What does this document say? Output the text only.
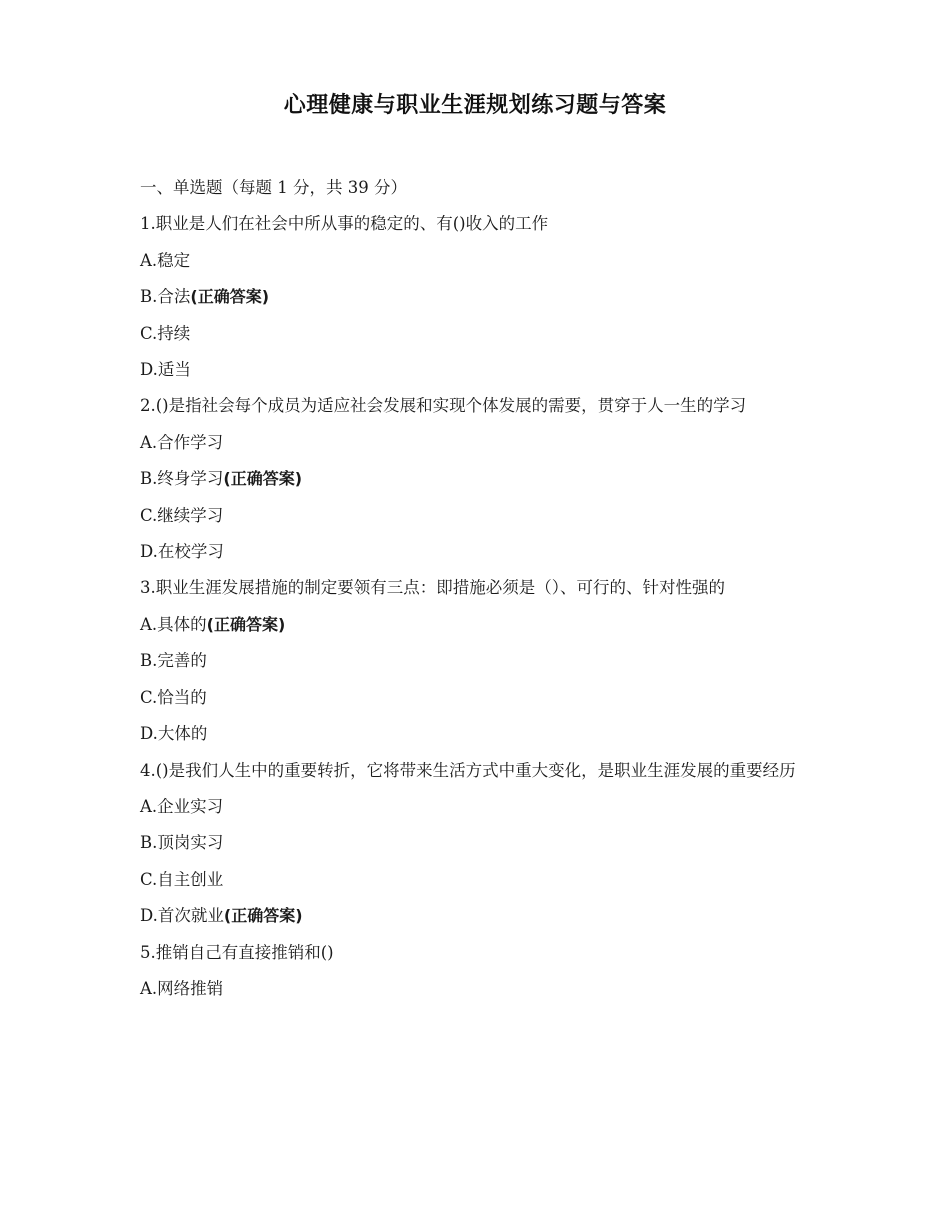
心理健康与职业生涯规划练习题与答案
一、单选题（每题 1 分，共 39 分）
1.职业是人们在社会中所从事的稳定的、有()收入的工作
A.稳定
B.合法(正确答案)
C.持续
D.适当
2.()是指社会每个成员为适应社会发展和实现个体发展的需要，贯穿于人一生的学习
A.合作学习
B.终身学习(正确答案)
C.继续学习
D.在校学习
3.职业生涯发展措施的制定要领有三点：即措施必须是（）、可行的、针对性强的
A.具体的(正确答案)
B.完善的
C.恰当的
D.大体的
4.()是我们人生中的重要转折，它将带来生活方式中重大变化，是职业生涯发展的重要经历
A.企业实习
B.顶岗实习
C.自主创业
D.首次就业(正确答案)
5.推销自己有直接推销和()
A.网络推销
